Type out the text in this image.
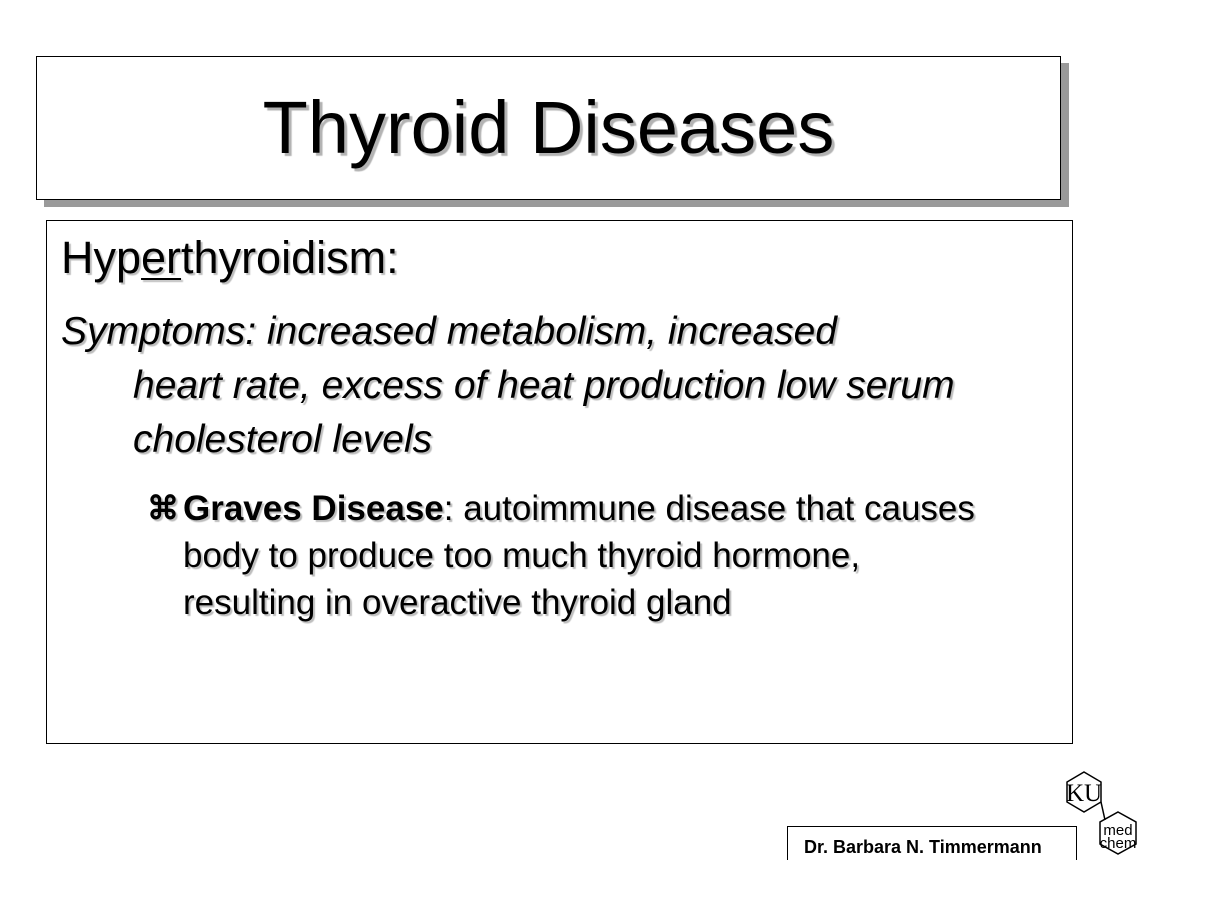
Thyroid Diseases
Hyperthyroidism:
Symptoms: increased metabolism, increased
heart rate, excess of heat production low serum
cholesterol levels
⌘ Graves Disease: autoimmune disease that causes
body to produce too much thyroid hormone,
resulting in overactive thyroid gland
Dr. Barbara N. Timmermann
KU
med
chem
